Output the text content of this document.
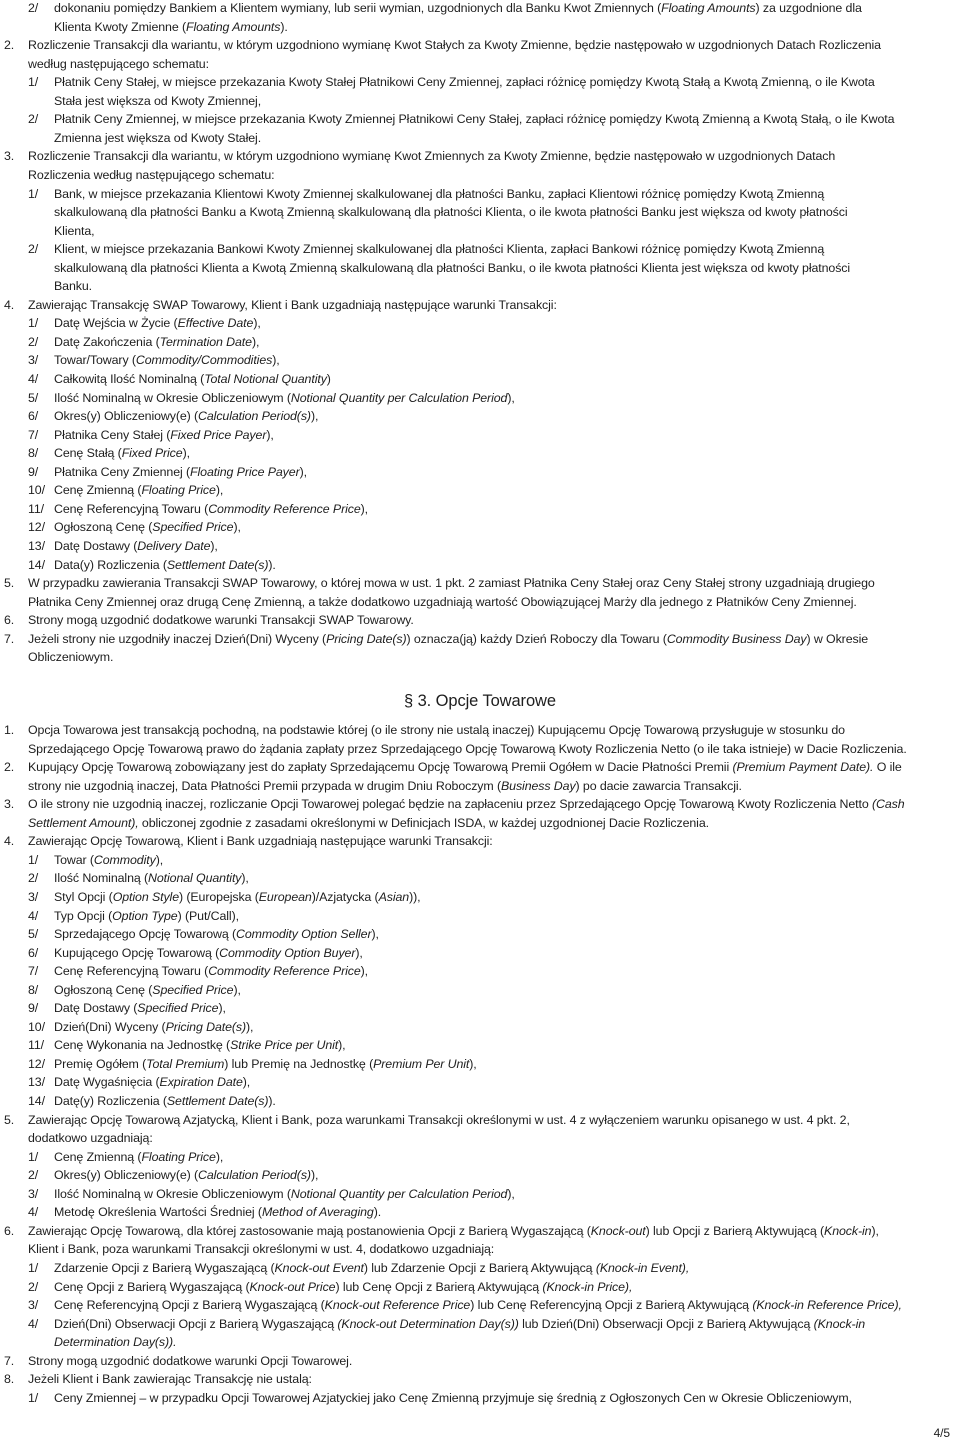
2/ dokonaniu pomiędzy Bankiem a Klientem wymiany, lub serii wymian, uzgodnionych dla Banku Kwot Zmiennych (Floating Amounts) za uzgodnione dla
Klienta Kwoty Zmienne (Floating Amounts).
2. Rozliczenie Transakcji dla wariantu, w którym uzgodniono wymianę Kwot Stałych za Kwoty Zmienne, będzie następowało w uzgodnionych Datach Rozliczenia
według następującego schematu:
1/ Płatnik Ceny Stałej, w miejsce przekazania Kwoty Stałej Płatnikowi Ceny Zmiennej, zapłaci różnicę pomiędzy Kwotą Stałą a Kwotą Zmienną, o ile Kwota
Stała jest większa od Kwoty Zmiennej,
2/ Płatnik Ceny Zmiennej, w miejsce przekazania Kwoty Zmiennej Płatnikowi Ceny Stałej, zapłaci różnicę pomiędzy Kwotą Zmienną a Kwotą Stałą, o ile Kwota
Zmienna jest większa od Kwoty Stałej.
3. Rozliczenie Transakcji dla wariantu, w którym uzgodniono wymianę Kwot Zmiennych za Kwoty Zmienne, będzie następowało w uzgodnionych Datach
Rozliczenia według następującego schematu:
1/ Bank, w miejsce przekazania Klientowi Kwoty Zmiennej skalkulowanej dla płatności Banku, zapłaci Klientowi różnicę pomiędzy Kwotą Zmienną
skalkulowaną dla płatności Banku a Kwotą Zmienną skalkulowaną dla płatności Klienta, o ile kwota płatności Banku jest większa od kwoty płatności
Klienta,
2/ Klient, w miejsce przekazania Bankowi Kwoty Zmiennej skalkulowanej dla płatności Klienta, zapłaci Bankowi różnicę pomiędzy Kwotą Zmienną
skalkulowaną dla płatności Klienta a Kwotą Zmienną skalkulowaną dla płatności Banku, o ile kwota płatności Klienta jest większa od kwoty płatności
Banku.
4. Zawierając Transakcję SWAP Towarowy, Klient i Bank uzgadniają następujące warunki Transakcji:
1/ Datę Wejścia w Życie (Effective Date),
2/ Datę Zakończenia (Termination Date),
3/ Towar/Towary (Commodity/Commodities),
4/ Całkowitą Ilość Nominalną (Total Notional Quantity)
5/ Ilość Nominalną w Okresie Obliczeniowym (Notional Quantity per Calculation Period),
6/ Okres(y) Obliczeniowy(e) (Calculation Period(s)),
7/ Płatnika Ceny Stałej (Fixed Price Payer),
8/ Cenę Stałą (Fixed Price),
9/ Płatnika Ceny Zmiennej (Floating Price Payer),
10/ Cenę Zmienną (Floating Price),
11/ Cenę Referencyjną Towaru (Commodity Reference Price),
12/ Ogłoszoną Cenę (Specified Price),
13/ Datę Dostawy (Delivery Date),
14/ Data(y) Rozliczenia (Settlement Date(s)).
5. W przypadku zawierania Transakcji SWAP Towarowy, o której mowa w ust. 1 pkt. 2 zamiast Płatnika Ceny Stałej oraz Ceny Stałej strony uzgadniają drugiego
Płatnika Ceny Zmiennej oraz drugą Cenę Zmienną, a także dodatkowo uzgadniają wartość Obowiązującej Marży dla jednego z Płatników Ceny Zmiennej.
6. Strony mogą uzgodnić dodatkowe warunki Transakcji SWAP Towarowy.
7. Jeżeli strony nie uzgodniły inaczej Dzień(Dni) Wyceny (Pricing Date(s)) oznacza(ją) każdy Dzień Roboczy dla Towaru (Commodity Business Day) w Okresie
Obliczeniowym.
§ 3. Opcje Towarowe
1. Opcja Towarowa jest transakcją pochodną, na podstawie której (o ile strony nie ustalą inaczej) Kupującemu Opcję Towarową przysługuje w stosunku do
Sprzedającego Opcję Towarową prawo do żądania zapłaty przez Sprzedającego Opcję Towarową Kwoty Rozliczenia Netto (o ile taka istnieje) w Dacie Rozliczenia.
2. Kupujący Opcję Towarową zobowiązany jest do zapłaty Sprzedającemu Opcję Towarową Premii Ogółem w Dacie Płatności Premii (Premium Payment Date). O ile
strony nie uzgodnią inaczej, Data Płatności Premii przypada w drugim Dniu Roboczym (Business Day) po dacie zawarcia Transakcji.
3. O ile strony nie uzgodnią inaczej, rozliczanie Opcji Towarowej polegać będzie na zapłaceniu przez Sprzedającego Opcję Towarową Kwoty Rozliczenia Netto (Cash
Settlement Amount), obliczonej zgodnie z zasadami określonymi w Definicjach ISDA, w każdej uzgodnionej Dacie Rozliczenia.
4. Zawierając Opcję Towarową, Klient i Bank uzgadniają następujące warunki Transakcji:
1/ Towar (Commodity),
2/ Ilość Nominalną (Notional Quantity),
3/ Styl Opcji (Option Style) (Europejska (European)/Azjatycka (Asian)),
4/ Typ Opcji (Option Type) (Put/Call),
5/ Sprzedającego Opcję Towarową (Commodity Option Seller),
6/ Kupującego Opcję Towarową (Commodity Option Buyer),
7/ Cenę Referencyjną Towaru (Commodity Reference Price),
8/ Ogłoszoną Cenę (Specified Price),
9/ Datę Dostawy (Specified Price),
10/ Dzień(Dni) Wyceny (Pricing Date(s)),
11/ Cenę Wykonania na Jednostkę (Strike Price per Unit),
12/ Premię Ogółem (Total Premium) lub Premię na Jednostkę (Premium Per Unit),
13/ Datę Wygaśnięcia (Expiration Date),
14/ Datę(y) Rozliczenia (Settlement Date(s)).
5. Zawierając Opcję Towarową Azjatycką, Klient i Bank, poza warunkami Transakcji określonymi w ust. 4 z wyłączeniem warunku opisanego w ust. 4 pkt. 2,
dodatkowo uzgadniają:
1/ Cenę Zmienną (Floating Price),
2/ Okres(y) Obliczeniowy(e) (Calculation Period(s)),
3/ Ilość Nominalną w Okresie Obliczeniowym (Notional Quantity per Calculation Period),
4/ Metodę Określenia Wartości Średniej (Method of Averaging).
6. Zawierając Opcję Towarową, dla której zastosowanie mają postanowienia Opcji z Barierą Wygaszającą (Knock-out) lub Opcji z Barierą Aktywującą (Knock-in),
Klient i Bank, poza warunkami Transakcji określonymi w ust. 4, dodatkowo uzgadniają:
1/ Zdarzenie Opcji z Barierą Wygaszającą (Knock-out Event) lub Zdarzenie Opcji z Barierą Aktywującą (Knock-in Event),
2/ Cenę Opcji z Barierą Wygaszającą (Knock-out Price) lub Cenę Opcji z Barierą Aktywującą (Knock-in Price),
3/ Cenę Referencyjną Opcji z Barierą Wygaszającą (Knock-out Reference Price) lub Cenę Referencyjną Opcji z Barierą Aktywującą (Knock-in Reference Price),
4/ Dzień(Dni) Obserwacji Opcji z Barierą Wygaszającą (Knock-out Determination Day(s)) lub Dzień(Dni) Obserwacji Opcji z Barierą Aktywującą (Knock-in
Determination Day(s)).
7. Strony mogą uzgodnić dodatkowe warunki Opcji Towarowej.
8. Jeżeli Klient i Bank zawierając Transakcję nie ustalą:
1/ Ceny Zmiennej – w przypadku Opcji Towarowej Azjatyckiej jako Cenę Zmienną przyjmuje się średnią z Ogłoszonych Cen w Okresie Obliczeniowym,
4/5
